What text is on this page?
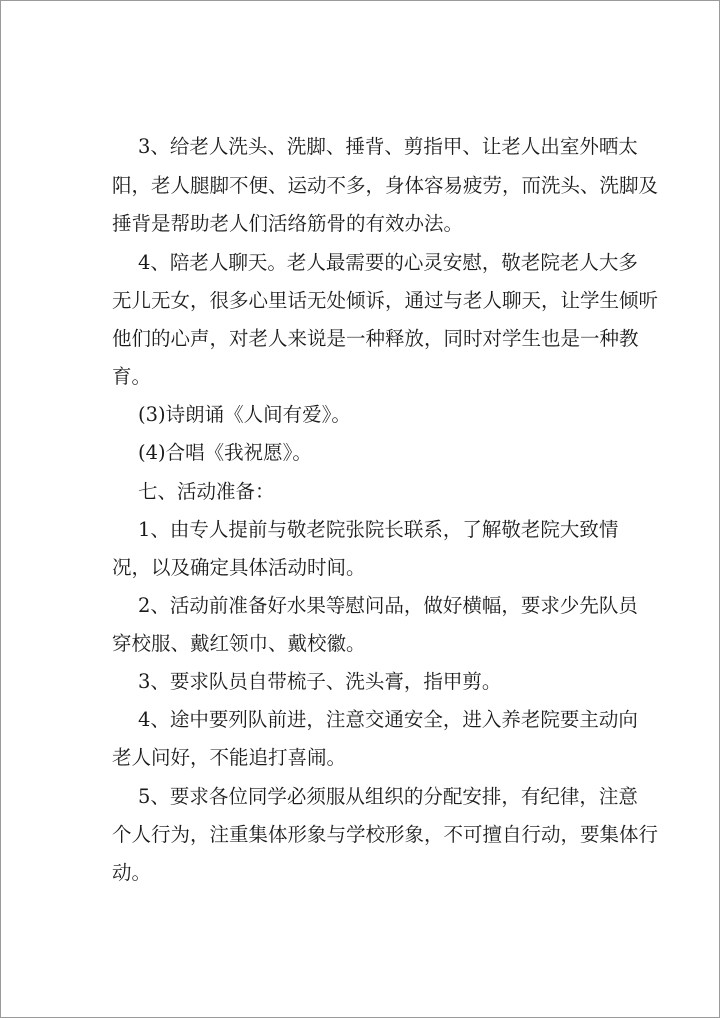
3、给老人洗头、洗脚、捶背、剪指甲、让老人出室外晒太
阳，老人腿脚不便、运动不多，身体容易疲劳，而洗头、洗脚及
捶背是帮助老人们活络筋骨的有效办法。
4、陪老人聊天。老人最需要的心灵安慰，敬老院老人大多
无儿无女，很多心里话无处倾诉，通过与老人聊天，让学生倾听
他们的心声，对老人来说是一种释放，同时对学生也是一种教
育。
(3)诗朗诵《人间有爱》。
(4)合唱《我祝愿》。
七、活动准备：
1、由专人提前与敬老院张院长联系，了解敬老院大致情
况，以及确定具体活动时间。
2、活动前准备好水果等慰问品，做好横幅，要求少先队员
穿校服、戴红领巾、戴校徽。
3、要求队员自带梳子、洗头膏，指甲剪。
4、途中要列队前进，注意交通安全，进入养老院要主动向
老人问好，不能追打喜闹。
5、要求各位同学必须服从组织的分配安排，有纪律，注意
个人行为，注重集体形象与学校形象，不可擅自行动，要集体行
动。
